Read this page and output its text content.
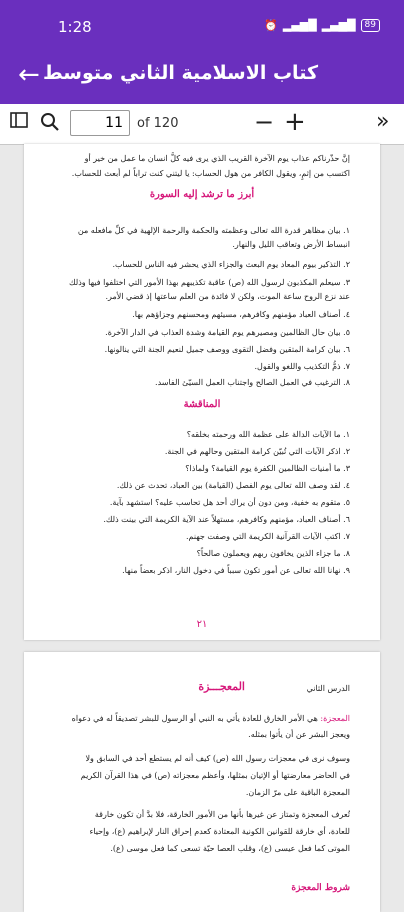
1:28	⏰ ▂▄▆█ ▂▄▆█	89
← كتاب الاسلامية الثاني متوسط
11	of 120	− +	»
إنَّ حذّرناكم عذاب يوم الآخرة القريب الذي يرى فيه كلُّ انسان ما عمل من خير أو
اكتسب من إثمٍ، ويقول الكافر من هول الحساب: يا ليتني كنت تراباً لم أبعث للحساب.
أبرز ما ترشد إليه السورة
١. بيان مظاهر قدرة الله تعالى وعظمته والحكمة والرحمة الإلهية في كلِّ مافعله من
انبساط الأرض وتعاقب الليل والنهار.
٢. التذكير بيوم المعاد يوم البعث والجزاء الذي يحشر فيه الناس للحساب.
٣. سيعلم المكذبون لرسول الله (ص) عاقبة تكذيبهم بهذا الأمور التي اختلفوا فيها وذلك
عند نزع الروح ساعة الموت، ولكن لا فائدة من العلم ساعتها إذ قضي الأمر.
٤. أصناف العباد مؤمنهم وكافرهم، مسيئهم ومحسنهم وجزاؤهم بها.
٥. بيان حال الظالمين ومصيرهم يوم القيامة وشدة العذاب في الدار الآخرة.
٦. بيان كرامة المتقين وفضل التقوى ووصف جميل لنعيم الجنة التي ينالونها.
٧. ذمُّ التكذيب واللغو والقول.
٨. الترغيب في العمل الصالح واجتناب العمل السيّئ الفاسد.
المناقشة
١. ما الآيات الدالة على عظمة الله ورحمته بخلقه؟
٢. اذكر الآيات التي تُبيّن كرامة المتقين وحالهم في الجنة.
٣. ما أمنيات الظالمين الكفرة يوم القيامة؟ ولماذا؟
٤. لقد وصف الله تعالى يوم الفصل (القيامة) بين العباد، تحدث عن ذلك.
٥. متقوم به خفية، ومن دون أن يراك أحد هل تحاسب عليه؟ استشهد بآية.
٦. أصناف العباد، مؤمنهم وكافرهم، مستهلاً عند الآية الكريمة التي بينت ذلك.
٧. اكتب الآيات القرآنية الكريمة التي وصفت جهنم.
٨. ما جزاء الذين يخافون ربهم ويعملون صالحاً؟
٩. نهانا الله تعالى عن أمور تكون سبباً في دخول النار، اذكر بعضاً منها.
٢١
الدرس الثاني
المعجـــزة
المعجزة: هي الأمر الخارق للعادة يأتي به النبي أو الرسول للبشر تصديقاً له في دعواه
ويعجز البشر عن أن يأتوا بمثله.
وسوف نرى في معجزات رسول الله (ص) كيف أنه لم يستطع أحد في السابق ولا
في الحاضر معارضتها أو الإتيان بمثلها، وأعظم معجزاته (ص) في هذا القرآن الكريم
المعجزة الباقية على مرّ الزمان.
تُعرف المعجزة وتمتاز عن غيرها بأنها من الأمور الخارقة، فلا بدَّ أن تكون خارقة
للعادة، أي خارقة للقوانين الكونية المعتادة كعدم إحراق النار لإبراهيم (ع)، وإحياء
الموتى كما فعل عيسى (ع)، وقلب العصا حيّة تسعى كما فعل موسى (ع).
شروط المعجزة
